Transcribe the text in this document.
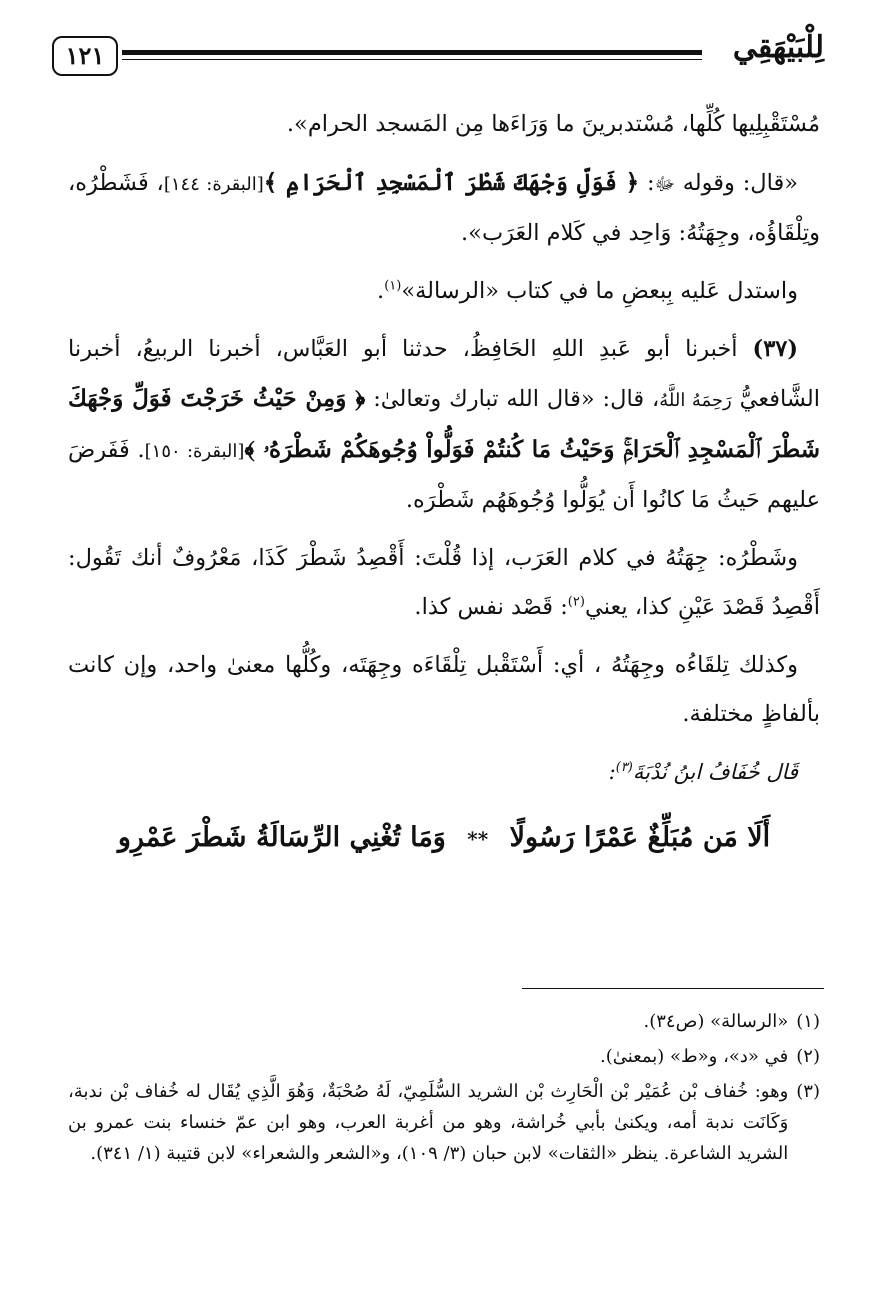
١٢١	لِلْبَيْهَقِي

مُسْتَقْبِلِيها كُلِّها، مُسْتدبرينَ ما وَرَاءَها مِن المَسجد الحرام».

«قال: وقوله ﷻ: ﴿ فَوَلِّ وَجْهَكَ شَطْرَ ٱلْمَسْجِدِ ٱلْحَرَامِ ﴾[البقرة: ١٤٤]، فَشَطْرُه، وتِلْقَاؤُه، وجِهَتُهُ: وَاحِد في كَلام العَرَب».

واستدل عَليه بِبعضِ ما في كتاب «الرسالة»$^{(١)}$.

(٣٧) أخبرنا أبو عَبدِ اللهِ الحَافِظُ، حدثنا أبو العَبَّاس، أخبرنا الربيعُ، أخبرنا الشَّافعيُّ رَحِمَهُ اللَّهُ، قال: «قال الله تبارك وتعالىٰ: ﴿ وَمِنْ حَيْثُ خَرَجْتَ فَوَلِّ وَجْهَكَ شَطْرَ ٱلْمَسْجِدِ ٱلْحَرَامِۚ وَحَيْثُ مَا كُنتُمْ فَوَلُّواْ وُجُوهَكُمْ شَطْرَهُۥ ﴾[البقرة: ١٥٠]. فَفَرضَ عليهم حَيثُ مَا كانُوا أَن يُوَلُّوا وُجُوهَهُم شَطْرَه.

وشَطْرُه: جِهَتُهُ في كلام العَرَب، إذا قُلْتَ: أَقْصِدُ شَطْرَ كَذَا، مَعْرُوفٌ أنك تَقُول: أَقْصِدُ قَصْدَ عَيْنِ كذا، يعني$^{(٢)}$: قَصْد نفس كذا.

وكذلك تِلقَاءُه وجِهَتُهُ ، أي: أَسْتَقْبل تِلْقَاءَه وجِهَتَه، وكُلُّها معنىٰ واحد، وإن كانت بألفاظٍ مختلفة.

قَال خُفَافُ ابنُ نُدْبَةَ$^{(٣)}$:

أَلَا مَن مُبَلِّغٌ عَمْرًا رَسُولًا ** وَمَا تُغْنِي الرِّسَالَةُ شَطْرَ عَمْرِو
(١)
«الرسالة» (ص٣٤).
(٢)
في «د»، و«ط» (بمعنىٰ).
(٣)
وهو: خُفاف بْن عُمَيْر بْن الْحَارِث بْن الشريد السُّلَمِيّ، لَهُ صُحْبَةٌ، وَهُوَ الَّذِي يُقَال له خُفاف بْن ندبة، وَكَانَت ندبة أمه، ويكنىٰ بأبي خُراشة، وهو من أغربة العرب، وهو ابن عمّ خنساء بنت عمرو بن الشريد الشاعرة. ينظر «الثقات» لابن حبان (٣/ ١٠٩)، و«الشعر والشعراء» لابن قتيبة (١/ ٣٤١).
